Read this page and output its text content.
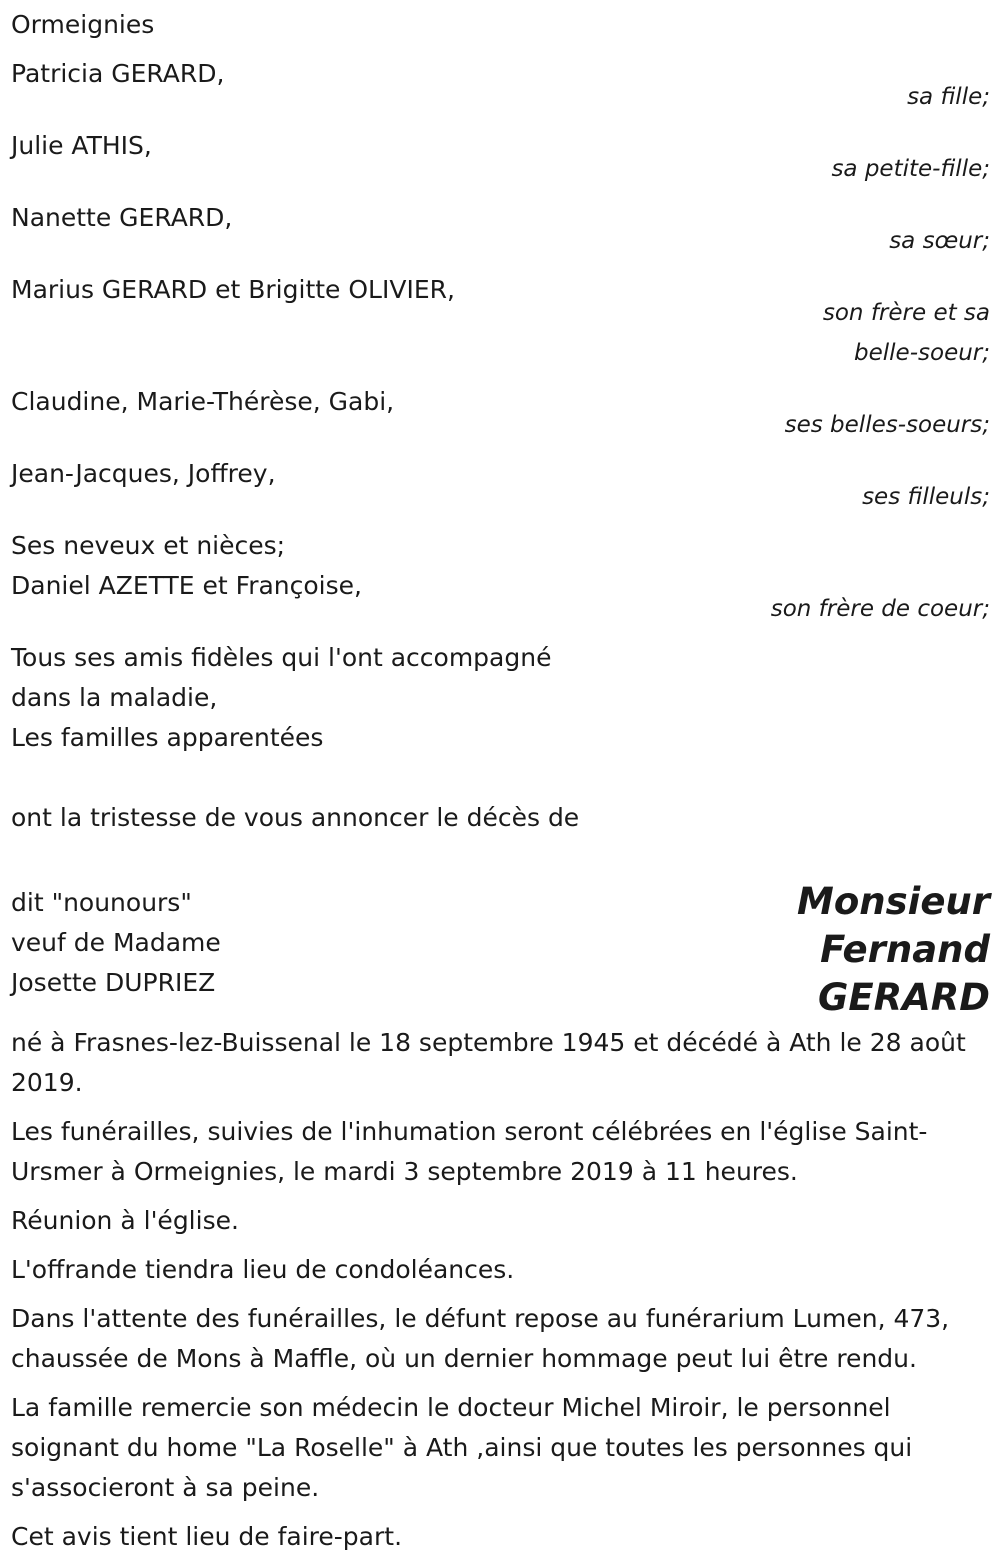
Ormeignies

Patricia GERARD,
sa fille;
Julie ATHIS,
sa petite-fille;
Nanette GERARD,
sa sœur;
Marius GERARD et Brigitte OLIVIER,
son frère et sa
belle-soeur;
Claudine, Marie-Thérèse, Gabi,
ses belles-soeurs;
Jean-Jacques, Joffrey,
ses filleuls;

Ses neveux et nièces;

Daniel AZETTE et Françoise,
son frère de coeur;

Tous ses amis fidèles qui l'ont accompagné

dans la maladie,

Les familles apparentées

ont la tristesse de vous annoncer le décès de

dit "nounours"

veuf de Madame

Josette DUPRIEZ

Monsieur
Fernand
GERARD

né à Frasnes-lez-Buissenal le 18 septembre 1945 et décédé à Ath le 28 août 2019.

Les funérailles, suivies de l'inhumation seront célébrées en l'église Saint-Ursmer à Ormeignies, le mardi 3 septembre 2019 à 11 heures.

Réunion à l'église.

L'offrande tiendra lieu de condoléances.

Dans l'attente des funérailles, le défunt repose au funérarium Lumen, 473, chaussée de Mons à Maffle, où un dernier hommage peut lui être rendu.

La famille remercie son médecin le docteur Michel Miroir, le personnel soignant du home "La Roselle" à Ath ,ainsi que toutes les personnes qui s'associeront à sa peine.

Cet avis tient lieu de faire-part.
